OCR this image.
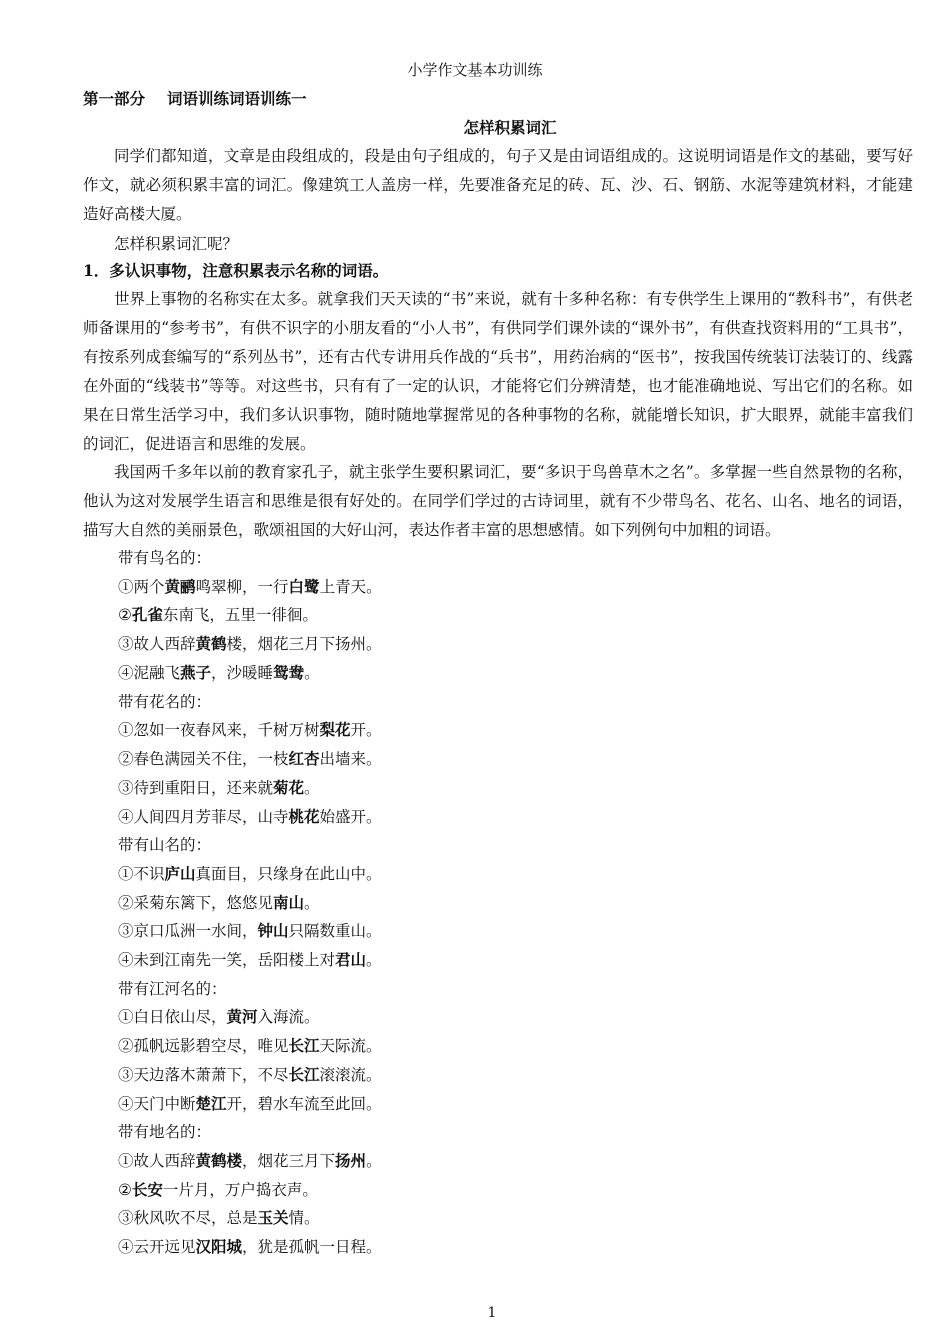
小学作文基本功训练
第一部分 词语训练词语训练一
怎样积累词汇
同学们都知道，文章是由段组成的，段是由句子组成的，句子又是由词语组成的。这说明词语是作文的基础，要写好作文，就必须积累丰富的词汇。像建筑工人盖房一样，先要准备充足的砖、瓦、沙、石、钢筋、水泥等建筑材料，才能建造好高楼大厦。
怎样积累词汇呢？
1．多认识事物，注意积累表示名称的词语。
世界上事物的名称实在太多。就拿我们天天读的“书”来说，就有十多种名称：有专供学生上课用的“教科书”，有供老师备课用的“参考书”，有供不识字的小朋友看的“小人书”，有供同学们课外读的“课外书”，有供查找资料用的“工具书”，有按系列成套编写的“系列丛书”，还有古代专讲用兵作战的“兵书”，用药治病的“医书”，按我国传统装订法装订的、线露在外面的“线装书”等等。对这些书，只有有了一定的认识，才能将它们分辨清楚，也才能准确地说、写出它们的名称。如果在日常生活学习中，我们多认识事物，随时随地掌握常见的各种事物的名称，就能增长知识，扩大眼界，就能丰富我们的词汇，促进语言和思维的发展。
我国两千多年以前的教育家孔子，就主张学生要积累词汇，要“多识于鸟兽草木之名”。多掌握一些自然景物的名称，他认为这对发展学生语言和思维是很有好处的。在同学们学过的古诗词里，就有不少带鸟名、花名、山名、地名的词语，描写大自然的美丽景色，歌颂祖国的大好山河，表达作者丰富的思想感情。如下列例句中加粗的词语。
带有鸟名的：
①两个黄鹂鸣翠柳，一行白鹭上青天。
②孔雀东南飞，五里一徘徊。
③故人西辞黄鹤楼，烟花三月下扬州。
④泥融飞燕子，沙暖睡鸳鸯。
带有花名的：
①忽如一夜春风来，千树万树梨花开。
②春色满园关不住，一枝红杏出墙来。
③待到重阳日，还来就菊花。
④人间四月芳菲尽，山寺桃花始盛开。
带有山名的：
①不识庐山真面目，只缘身在此山中。
②采菊东篱下，悠悠见南山。
③京口瓜洲一水间，钟山只隔数重山。
④未到江南先一笑，岳阳楼上对君山。
带有江河名的：
①白日依山尽，黄河入海流。
②孤帆远影碧空尽，唯见长江天际流。
③天边落木萧萧下，不尽长江滚滚流。
④天门中断楚江开，碧水车流至此回。
带有地名的：
①故人西辞黄鹤楼，烟花三月下扬州。
②长安一片月，万户捣衣声。
③秋风吹不尽，总是玉关情。
④云开远见汉阳城，犹是孤帆一日程。
1
